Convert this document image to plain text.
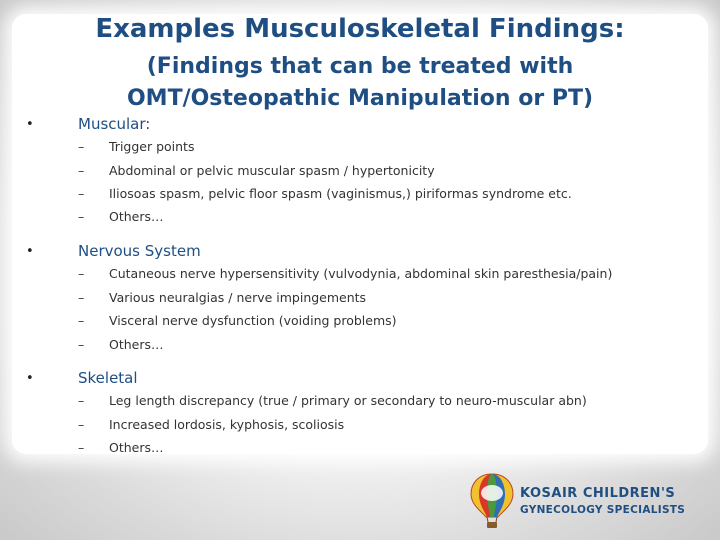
Examples Musculoskeletal Findings:
(Findings that can be treated with
OMT/Osteopathic Manipulation or PT)
•	Muscular:
– Trigger points
– Abdominal or pelvic muscular spasm / hypertonicity
– Iliosoas spasm, pelvic floor spasm (vaginismus,) piriformas syndrome etc.
– Others…
•	Nervous System
– Cutaneous nerve hypersensitivity (vulvodynia, abdominal skin paresthesia/pain)
– Various neuralgias / nerve impingements
– Visceral nerve dysfunction (voiding problems)
– Others…
•	Skeletal
– Leg length discrepancy (true / primary or secondary to neuro-muscular abn)
– Increased lordosis, kyphosis, scoliosis
– Others…
KOSAIR CHILDREN'S
GYNECOLOGY SPECIALISTS
